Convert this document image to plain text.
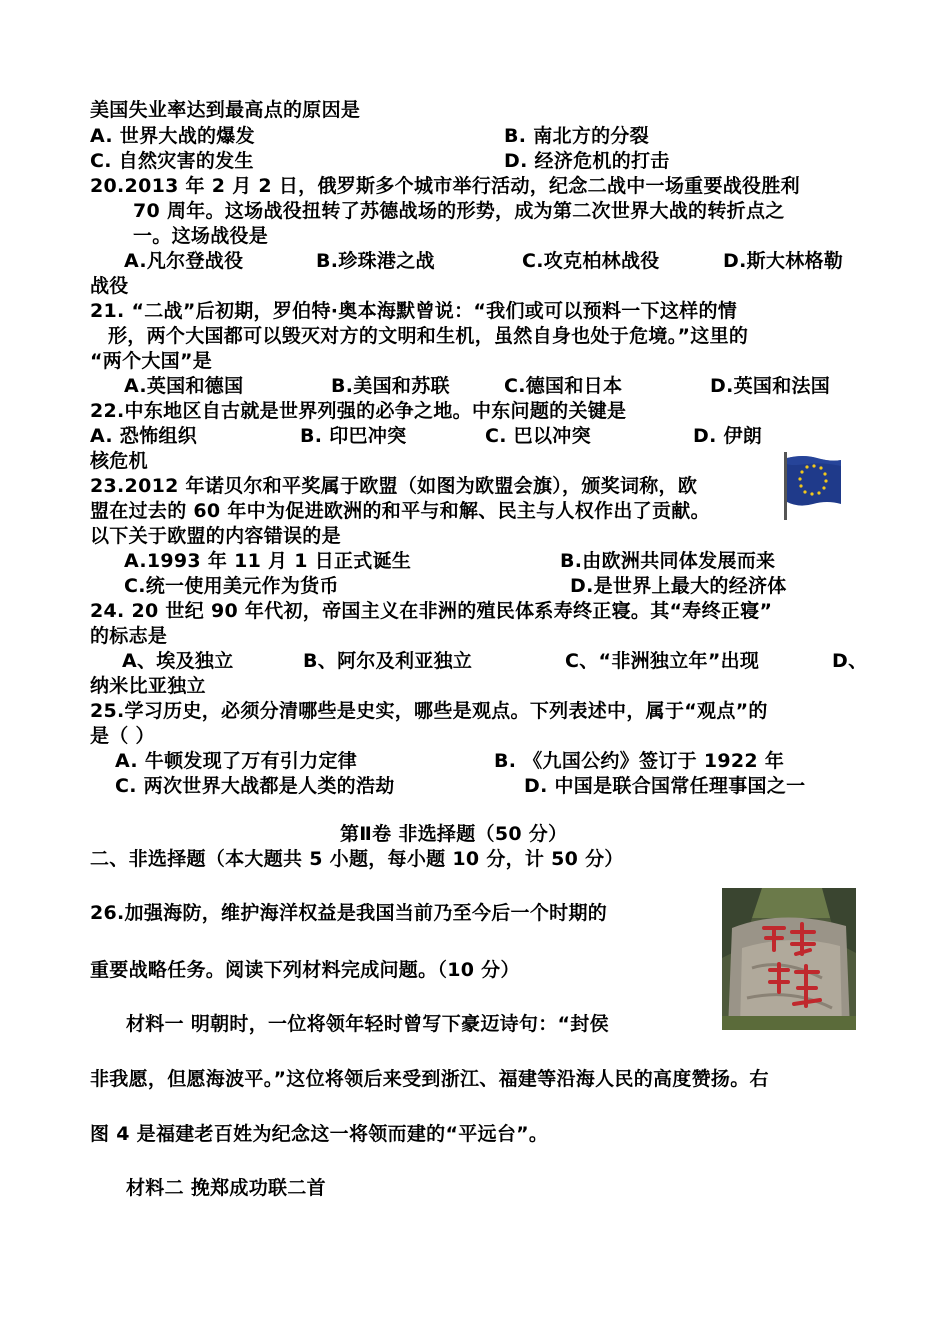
美国失业率达到最高点的原因是
A. 世界大战的爆发	B. 南北方的分裂
C. 自然灾害的发生	D. 经济危机的打击
20.2013 年 2 月 2 日，俄罗斯多个城市举行活动，纪念二战中一场重要战役胜利
70 周年。这场战役扭转了苏德战场的形势，成为第二次世界大战的转折点之
一。这场战役是
A.凡尔登战役	B.珍珠港之战	C.攻克柏林战役	D.斯大林格勒
战役
21. “二战”后初期，罗伯特·奥本海默曾说：“我们或可以预料一下这样的情
形，两个大国都可以毁灭对方的文明和生机，虽然自身也处于危境。”这里的
“两个大国”是
A.英国和德国	B.美国和苏联	C.德国和日本	D.英国和法国
22.中东地区自古就是世界列强的必争之地。中东问题的关键是
A. 恐怖组织	B. 印巴冲突	C. 巴以冲突	D. 伊朗
核危机
23.2012 年诺贝尔和平奖属于欧盟（如图为欧盟会旗），颁奖词称，欧
盟在过去的 60 年中为促进欧洲的和平与和解、民主与人权作出了贡献。
以下关于欧盟的内容错误的是
A.1993 年 11 月 1 日正式诞生	B.由欧洲共同体发展而来
C.统一使用美元作为货币	D.是世界上最大的经济体
24. 20 世纪 90 年代初，帝国主义在非洲的殖民体系寿终正寝。其“寿终正寝”
的标志是
A、埃及独立	B、阿尔及利亚独立	C、“非洲独立年”出现	D、
纳米比亚独立
25.学习历史，必须分清哪些是史实，哪些是观点。下列表述中，属于“观点”的
是（ ）
A. 牛顿发现了万有引力定律	B. 《九国公约》签订于 1922 年
C. 两次世界大战都是人类的浩劫	D. 中国是联合国常任理事国之一
第Ⅱ卷 非选择题（50 分）
二、非选择题（本大题共 5 小题，每小题 10 分，计 50 分）
26.加强海防，维护海洋权益是我国当前乃至今后一个时期的
重要战略任务。阅读下列材料完成问题。（10 分）
材料一 明朝时，一位将领年轻时曾写下豪迈诗句：“封侯
非我愿，但愿海波平。”这位将领后来受到浙江、福建等沿海人民的高度赞扬。右
图 4 是福建老百姓为纪念这一将领而建的“平远台”。
材料二 挽郑成功联二首
